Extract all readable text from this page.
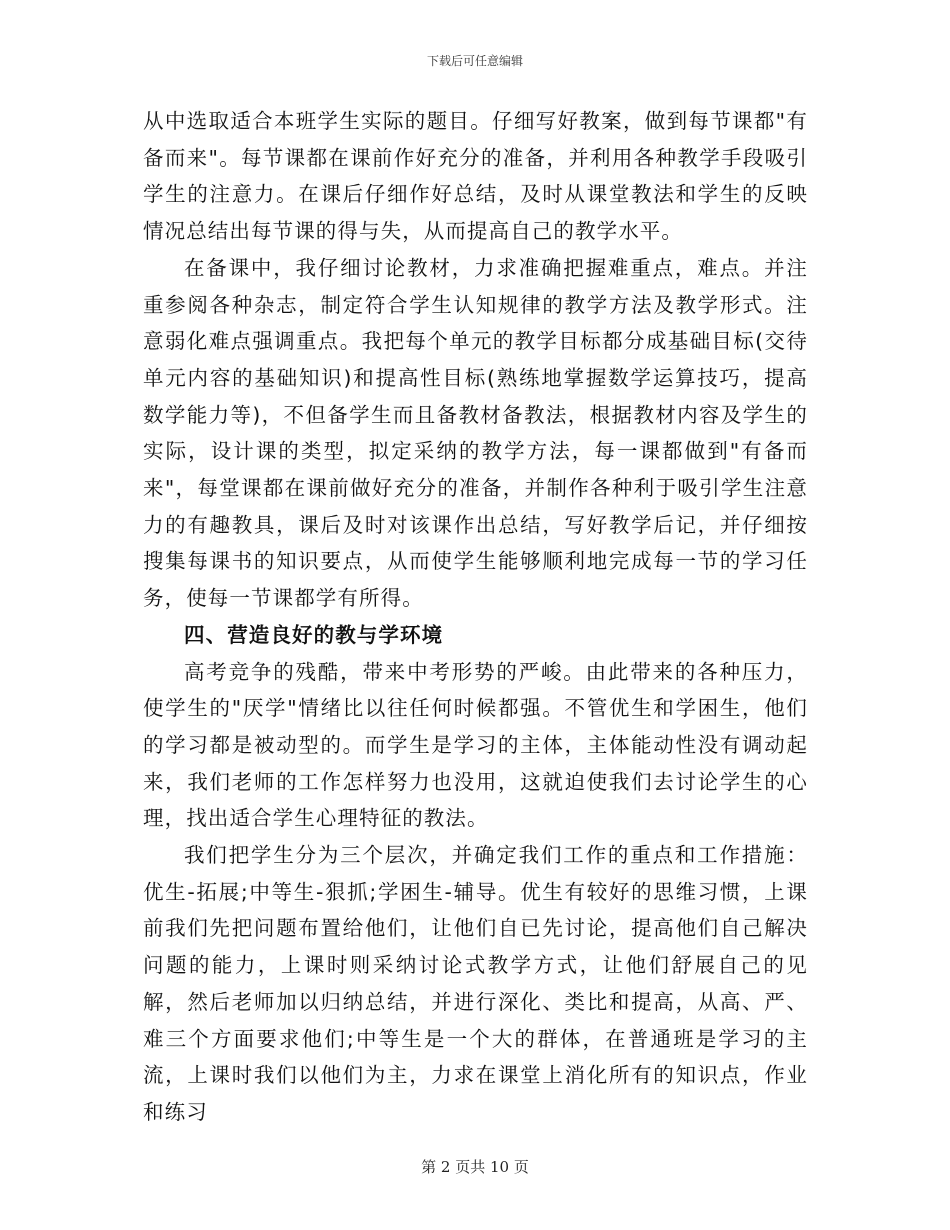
下载后可任意编辑

从中选取适合本班学生实际的题目。仔细写好教案，做到每节课都"有备而来"。每节课都在课前作好充分的准备，并利用各种教学手段吸引学生的注意力。在课后仔细作好总结，及时从课堂教法和学生的反映情况总结出每节课的得与失，从而提高自己的教学水平。

在备课中，我仔细讨论教材，力求准确把握难重点，难点。并注重参阅各种杂志，制定符合学生认知规律的教学方法及教学形式。注意弱化难点强调重点。我把每个单元的教学目标都分成基础目标(交待单元内容的基础知识)和提高性目标(熟练地掌握数学运算技巧，提高数学能力等)，不但备学生而且备教材备教法，根据教材内容及学生的实际，设计课的类型，拟定采纳的教学方法，每一课都做到"有备而来"，每堂课都在课前做好充分的准备，并制作各种利于吸引学生注意力的有趣教具，课后及时对该课作出总结，写好教学后记，并仔细按搜集每课书的知识要点，从而使学生能够顺利地完成每一节的学习任务，使每一节课都学有所得。

四、营造良好的教与学环境

高考竞争的残酷，带来中考形势的严峻。由此带来的各种压力，使学生的"厌学"情绪比以往任何时候都强。不管优生和学困生，他们的学习都是被动型的。而学生是学习的主体，主体能动性没有调动起来，我们老师的工作怎样努力也没用，这就迫使我们去讨论学生的心理，找出适合学生心理特征的教法。

我们把学生分为三个层次，并确定我们工作的重点和工作措施：优生-拓展;中等生-狠抓;学困生-辅导。优生有较好的思维习惯，上课前我们先把问题布置给他们，让他们自已先讨论，提高他们自己解决问题的能力，上课时则采纳讨论式教学方式，让他们舒展自己的见解，然后老师加以归纳总结，并进行深化、类比和提高，从高、严、难三个方面要求他们;中等生是一个大的群体，在普通班是学习的主流，上课时我们以他们为主，力求在课堂上消化所有的知识点，作业和练习

第 2 页共 10 页
